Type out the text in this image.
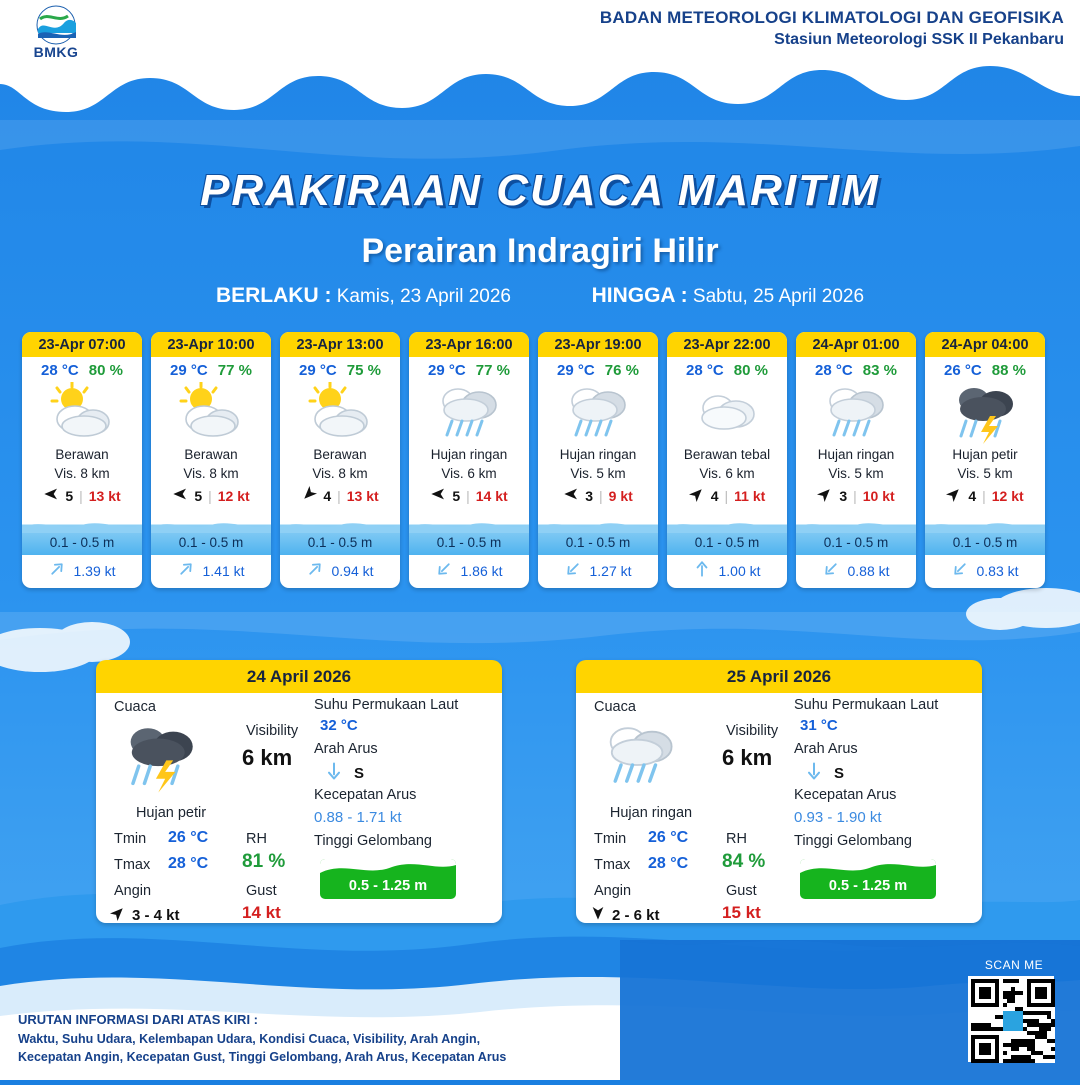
BMKG
BADAN METEOROLOGI KLIMATOLOGI DAN GEOFISIKA
Stasiun Meteorologi SSK II Pekanbaru
PRAKIRAAN CUACA MARITIM
Perairan Indragiri Hilir
BERLAKU : Kamis, 23 April 2026	HINGGA : Sabtu, 25 April 2026
23-Apr 07:00
28 °C 80 %
Berawan
Vis. 8 km
5 | 13 kt
0.1 - 0.5 m
1.39 kt
23-Apr 10:00
29 °C 77 %
Berawan
Vis. 8 km
5 | 12 kt
0.1 - 0.5 m
1.41 kt
23-Apr 13:00
29 °C 75 %
Berawan
Vis. 8 km
4 | 13 kt
0.1 - 0.5 m
0.94 kt
23-Apr 16:00
29 °C 77 %
Hujan ringan
Vis. 6 km
5 | 14 kt
0.1 - 0.5 m
1.86 kt
23-Apr 19:00
29 °C 76 %
Hujan ringan
Vis. 5 km
3 | 9 kt
0.1 - 0.5 m
1.27 kt
23-Apr 22:00
28 °C 80 %
Berawan tebal
Vis. 6 km
4 | 11 kt
0.1 - 0.5 m
1.00 kt
24-Apr 01:00
28 °C 83 %
Hujan ringan
Vis. 5 km
3 | 10 kt
0.1 - 0.5 m
0.88 kt
24-Apr 04:00
26 °C 88 %
Hujan petir
Vis. 5 km
4 | 12 kt
0.1 - 0.5 m
0.83 kt
24 April 2026
Cuaca
Hujan petir
Tmin 26 °C
Tmax 28 °C
Angin
3 - 4 kt
Visibility
6 km
RH
81 %
Gust
14 kt
Suhu Permukaan Laut
32 °C
Arah Arus
S
Kecepatan Arus
0.88 - 1.71 kt
Tinggi Gelombang
0.5 - 1.25 m
25 April 2026
Cuaca
Hujan ringan
Tmin 26 °C
Tmax 28 °C
Angin
2 - 6 kt
Visibility
6 km
RH
84 %
Gust
15 kt
Suhu Permukaan Laut
31 °C
Arah Arus
S
Kecepatan Arus
0.93 - 1.90 kt
Tinggi Gelombang
0.5 - 1.25 m
URUTAN INFORMASI DARI ATAS KIRI :
Waktu, Suhu Udara, Kelembapan Udara, Kondisi Cuaca, Visibility, Arah Angin,
Kecepatan Angin, Kecepatan Gust, Tinggi Gelombang, Arah Arus, Kecepatan Arus
SCAN ME
